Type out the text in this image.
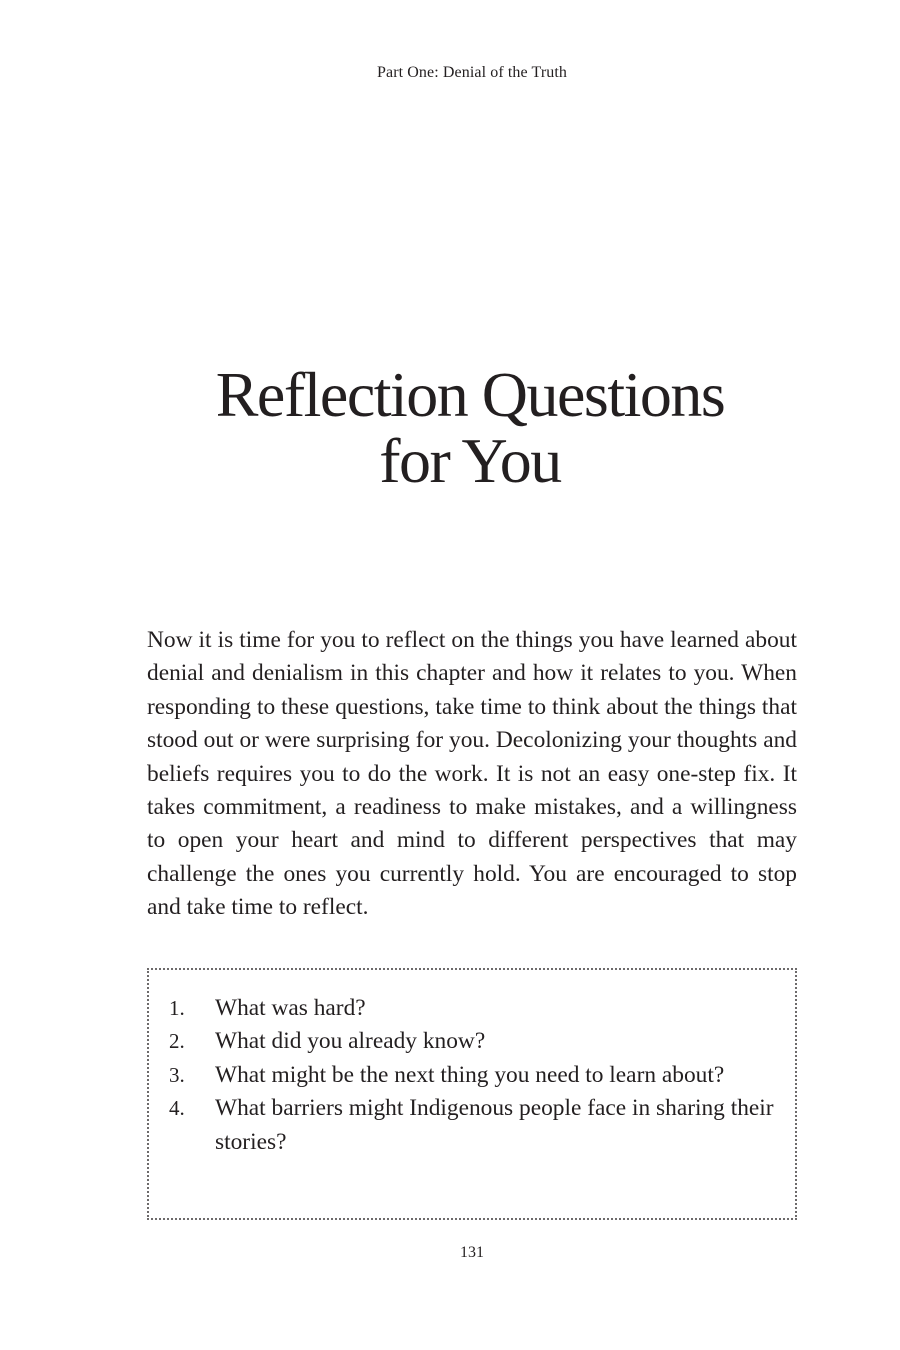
Part One: Denial of the Truth
Reflection Questions
for You

Now it is time for you to reflect on the things you have learned about denial and denialism in this chapter and how it relates to you. When responding to these questions, take time to think about the things that stood out or were surprising for you. Decolonizing your thoughts and beliefs requires you to do the work. It is not an easy one-step fix. It takes commitment, a readiness to make mistakes, and a willingness to open your heart and mind to different perspectives that may challenge the ones you currently hold. You are encouraged to stop and take time to reflect.

1.	What was hard?
2.	What did you already know?
3.	What might be the next thing you need to learn about?
4.	What barriers might Indigenous people face in sharing their stories?
131
